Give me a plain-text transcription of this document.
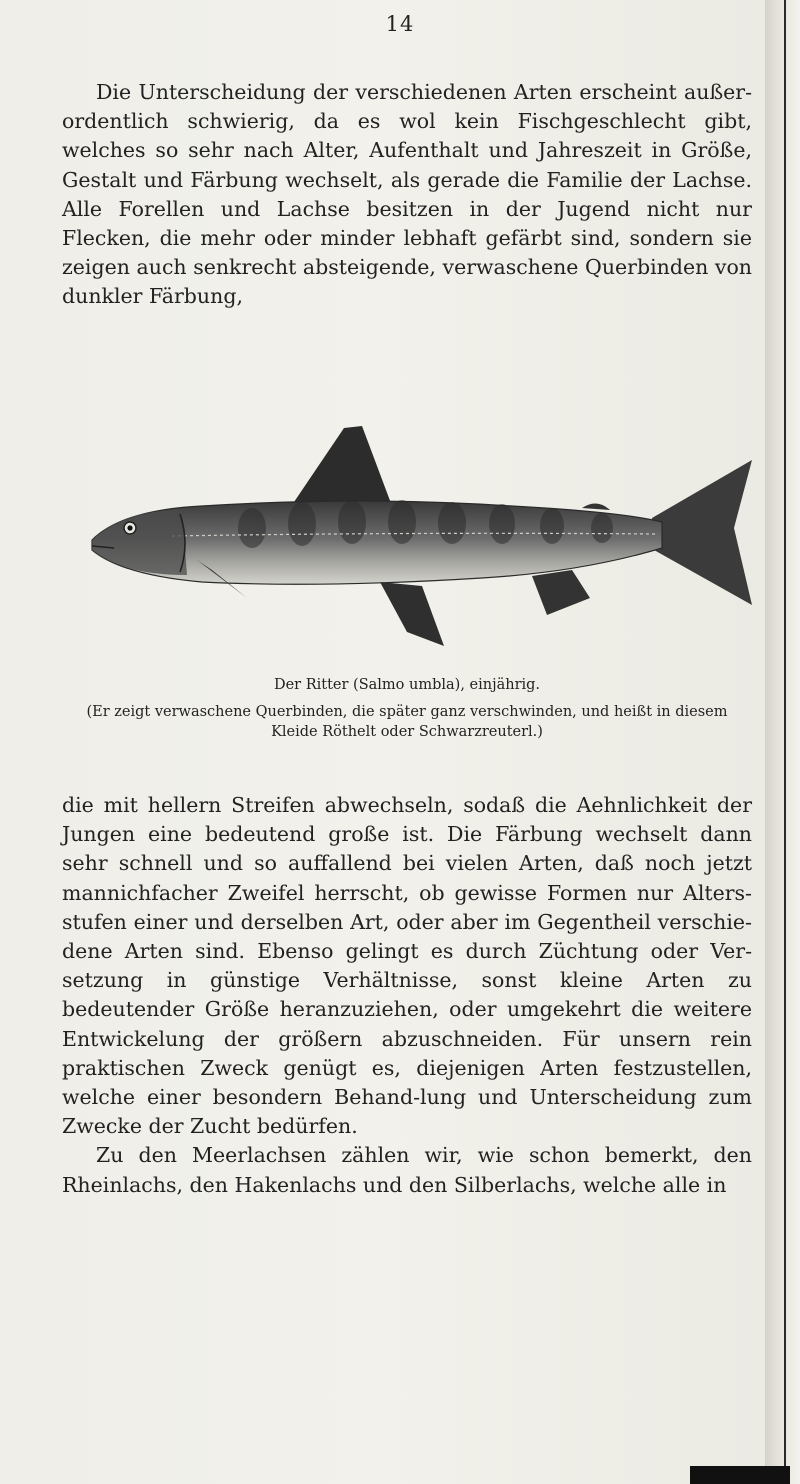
14

Die Unterscheidung der verschiedenen Arten erscheint außer-ordentlich schwierig, da es wol kein Fischgeschlecht gibt, welches so sehr nach Alter, Aufenthalt und Jahreszeit in Größe, Gestalt und Färbung wechselt, als gerade die Familie der Lachse. Alle Forellen und Lachse besitzen in der Jugend nicht nur Flecken, die mehr oder minder lebhaft gefärbt sind, sondern sie zeigen auch senkrecht absteigende, verwaschene Querbinden von dunkler Färbung,

Der Ritter (Salmo umbla), einjährig.
(Er zeigt verwaschene Querbinden, die später ganz verschwinden, und heißt in diesem Kleide Röthelt oder Schwarzreuterl.)
die mit hellern Streifen abwechseln, sodaß die Aehnlichkeit der Jungen eine bedeutend große ist. Die Färbung wechselt dann sehr schnell und so auffallend bei vielen Arten, daß noch jetzt mannichfacher Zweifel herrscht, ob gewisse Formen nur Alters-stufen einer und derselben Art, oder aber im Gegentheil verschie-dene Arten sind. Ebenso gelingt es durch Züchtung oder Ver-setzung in günstige Verhältnisse, sonst kleine Arten zu bedeutender Größe heranzuziehen, oder umgekehrt die weitere Entwickelung der größern abzuschneiden. Für unsern rein praktischen Zweck genügt es, diejenigen Arten festzustellen, welche einer besondern Behand-lung und Unterscheidung zum Zwecke der Zucht bedürfen.
Zu den Meerlachsen zählen wir, wie schon bemerkt, den Rheinlachs, den Hakenlachs und den Silberlachs, welche alle in
